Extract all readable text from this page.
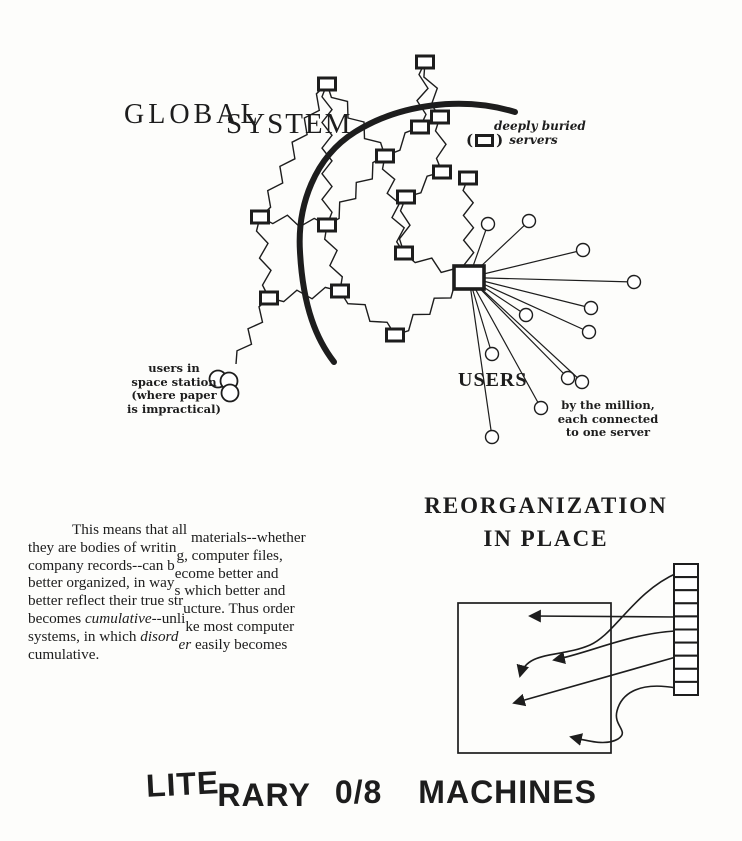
GLOBAL
SYSTEM	deeply buried
( ) servers
users in
space station
(where paper
is impractical)
USERS
by the million,
each connected
to one server
This means that all materials--whether
they are bodies of writing, computer files,
company records--can become better and
better organized, in ways which better and
better reflect their true structure. Thus order
becomes cumulative--unlike most computer
systems, in which disorder easily becomes
cumulative.
REORGANIZATION
IN PLACE
LITERARY 0/8 MACHINES
